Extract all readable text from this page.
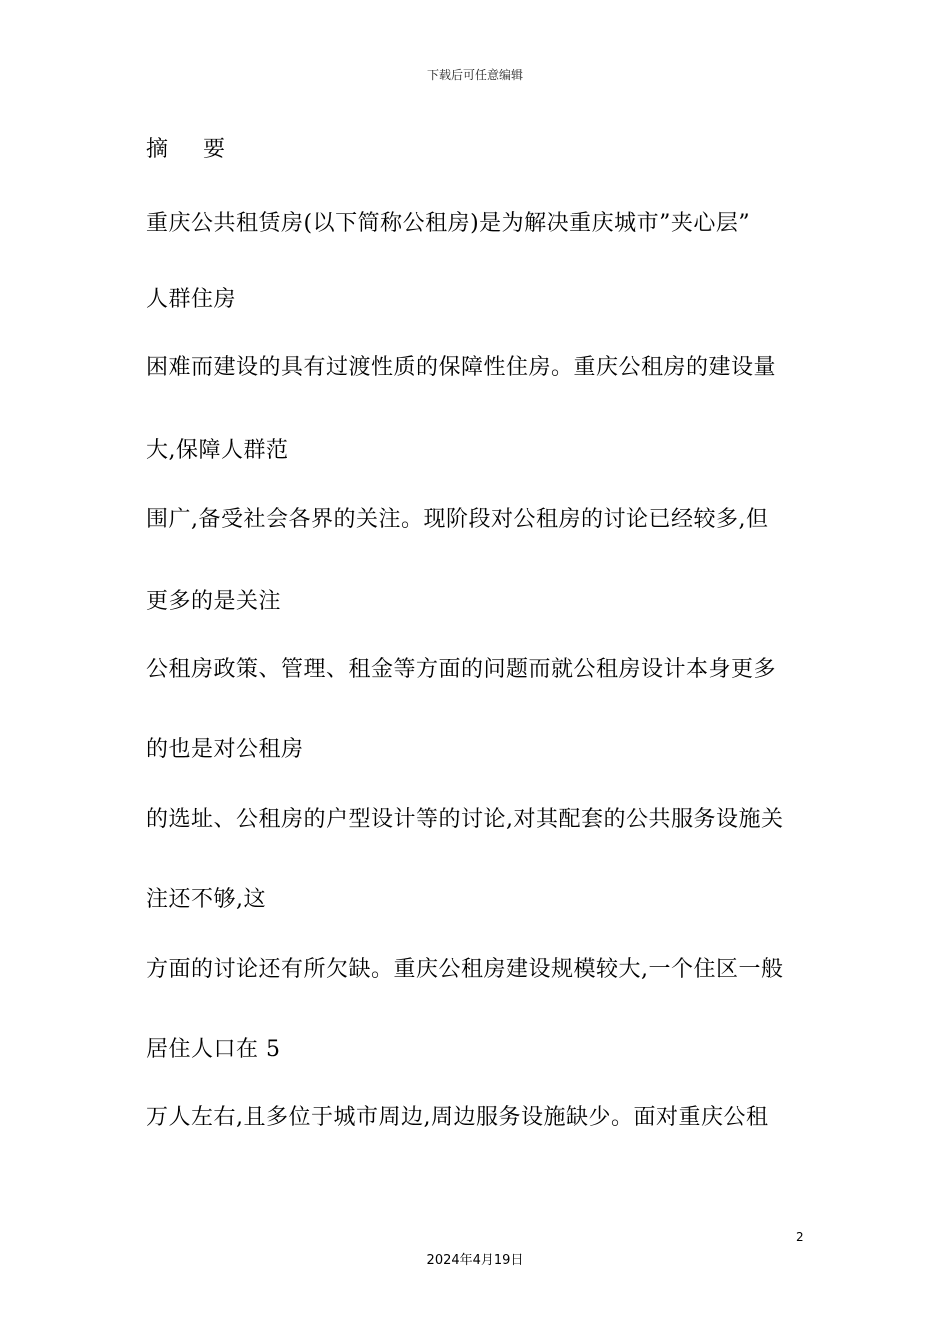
下载后可任意编辑
摘 要
重庆公共租赁房(以下简称公租房)是为解决重庆城市”夹心层”
人群住房
困难而建设的具有过渡性质的保障性住房。重庆公租房的建设量
大,保障人群范
围广,备受社会各界的关注。现阶段对公租房的讨论已经较多,但
更多的是关注
公租房政策、管理、租金等方面的问题而就公租房设计本身更多
的也是对公租房
的选址、公租房的户型设计等的讨论,对其配套的公共服务设施关
注还不够,这
方面的讨论还有所欠缺。重庆公租房建设规模较大,一个住区一般
居住人口在 5
万人左右,且多位于城市周边,周边服务设施缺少。面对重庆公租
2
2024年4月19日
